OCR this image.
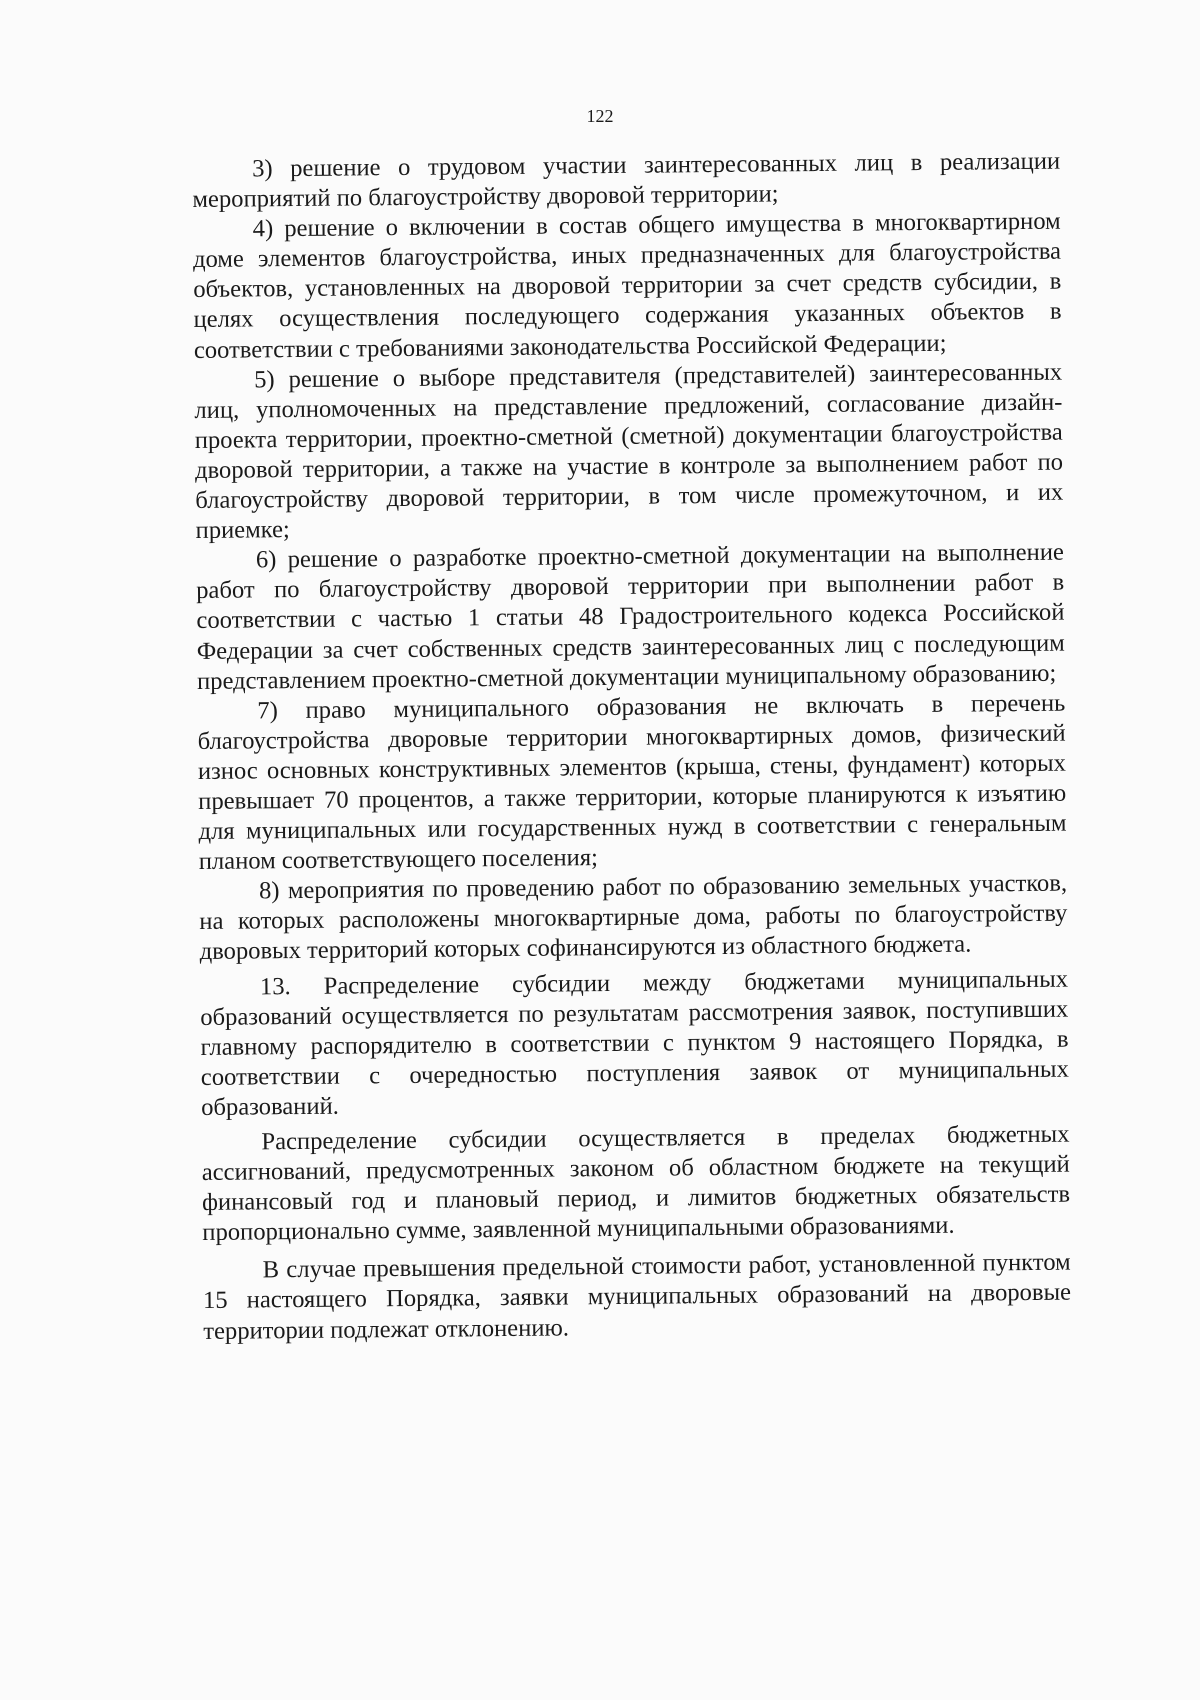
122

3) решение о трудовом участии заинтересованных лиц в реализации мероприятий по благоустройству дворовой территории;

4) решение о включении в состав общего имущества в многоквартирном доме элементов благоустройства, иных предназначенных для благоустройства объектов, установленных на дворовой территории за счет средств субсидии, в целях осуществления последующего содержания указанных объектов в соответствии с требованиями законодательства Российской Федерации;

5) решение о выборе представителя (представителей) заинтересованных лиц, уполномоченных на представление предложений, согласование дизайн-проекта территории, проектно-сметной (сметной) документации благоустройства дворовой территории, а также на участие в контроле за выполнением работ по благоустройству дворовой территории, в том числе промежуточном, и их приемке;

6) решение о разработке проектно-сметной документации на выполнение работ по благоустройству дворовой территории при выполнении работ в соответствии с частью 1 статьи 48 Градостроительного кодекса Российской Федерации за счет собственных средств заинтересованных лиц с последующим представлением проектно-сметной документации муниципальному образованию;

7) право муниципального образования не включать в перечень благоустройства дворовые территории многоквартирных домов, физический износ основных конструктивных элементов (крыша, стены, фундамент) которых превышает 70 процентов, а также территории, которые планируются к изъятию для муниципальных или государственных нужд в соответствии с генеральным планом соответствующего поселения;

8) мероприятия по проведению работ по образованию земельных участков, на которых расположены многоквартирные дома, работы по благоустройству дворовых территорий которых софинансируются из областного бюджета.

13. Распределение субсидии между бюджетами муниципальных образований осуществляется по результатам рассмотрения заявок, поступивших главному распорядителю в соответствии с пунктом 9 настоящего Порядка, в соответствии с очередностью поступления заявок от муниципальных образований.

Распределение субсидии осуществляется в пределах бюджетных ассигнований, предусмотренных законом об областном бюджете на текущий финансовый год и плановый период, и лимитов бюджетных обязательств пропорционально сумме, заявленной муниципальными образованиями.

В случае превышения предельной стоимости работ, установленной пунктом 15 настоящего Порядка, заявки муниципальных образований на дворовые территории подлежат отклонению.
